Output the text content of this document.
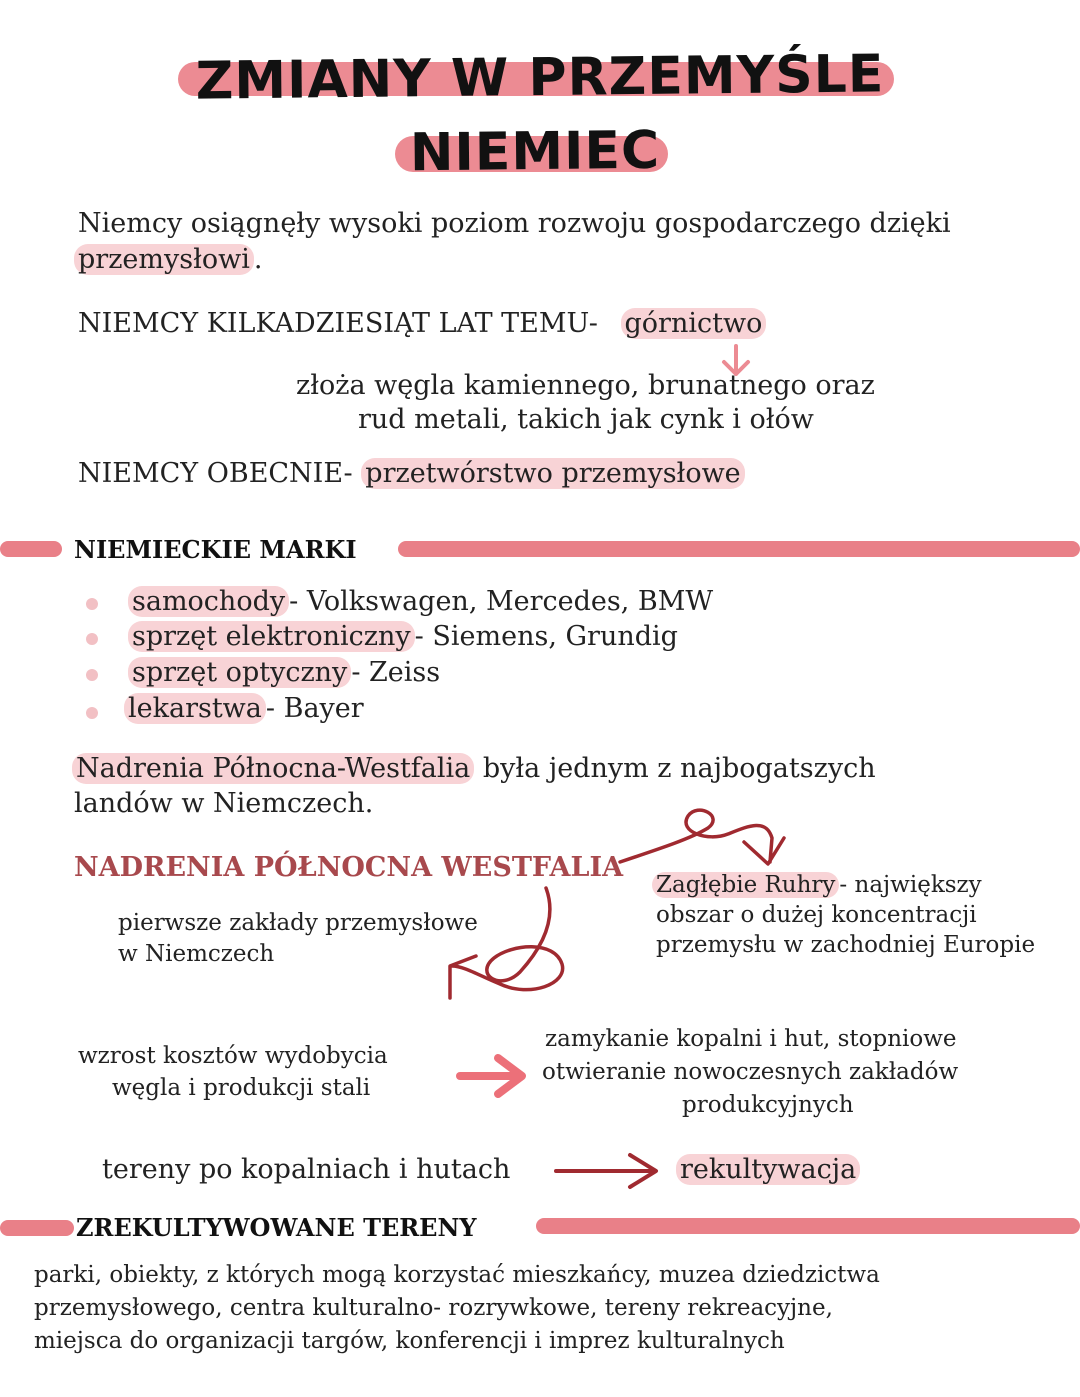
ZMIANY W PRZEMYŚLE
NIEMIEC
Niemcy osiągnęły wysoki poziom rozwoju gospodarczego dzięki
przemysłowi .
NIEMCY KILKADZIESIĄT LAT TEMU- górnictwo
złoża węgla kamiennego, brunatnego oraz
rud metali, takich jak cynk i ołów
NIEMCY OBECNIE- przetwórstwo przemysłowe
NIEMIECKIE MARKI
samochody - Volkswagen, Mercedes, BMW
sprzęt elektroniczny - Siemens, Grundig
sprzęt optyczny - Zeiss
lekarstwa - Bayer
Nadrenia Północna-Westfalia była jednym z najbogatszych
landów w Niemczech.
NADRENIA PÓŁNOCNA WESTFALIA
pierwsze zakłady przemysłowe
w Niemczech
Zagłębie Ruhry - największy
obszar o dużej koncentracji
przemysłu w zachodniej Europie
wzrost kosztów wydobycia
węgla i produkcji stali
zamykanie kopalni i hut, stopniowe
otwieranie nowoczesnych zakładów
produkcyjnych
tereny po kopalniach i hutach	rekultywacja
ZREKULTYWOWANE TERENY
parki, obiekty, z których mogą korzystać mieszkańcy, muzea dziedzictwa
przemysłowego, centra kulturalno- rozrywkowe, tereny rekreacyjne,
miejsca do organizacji targów, konferencji i imprez kulturalnych
